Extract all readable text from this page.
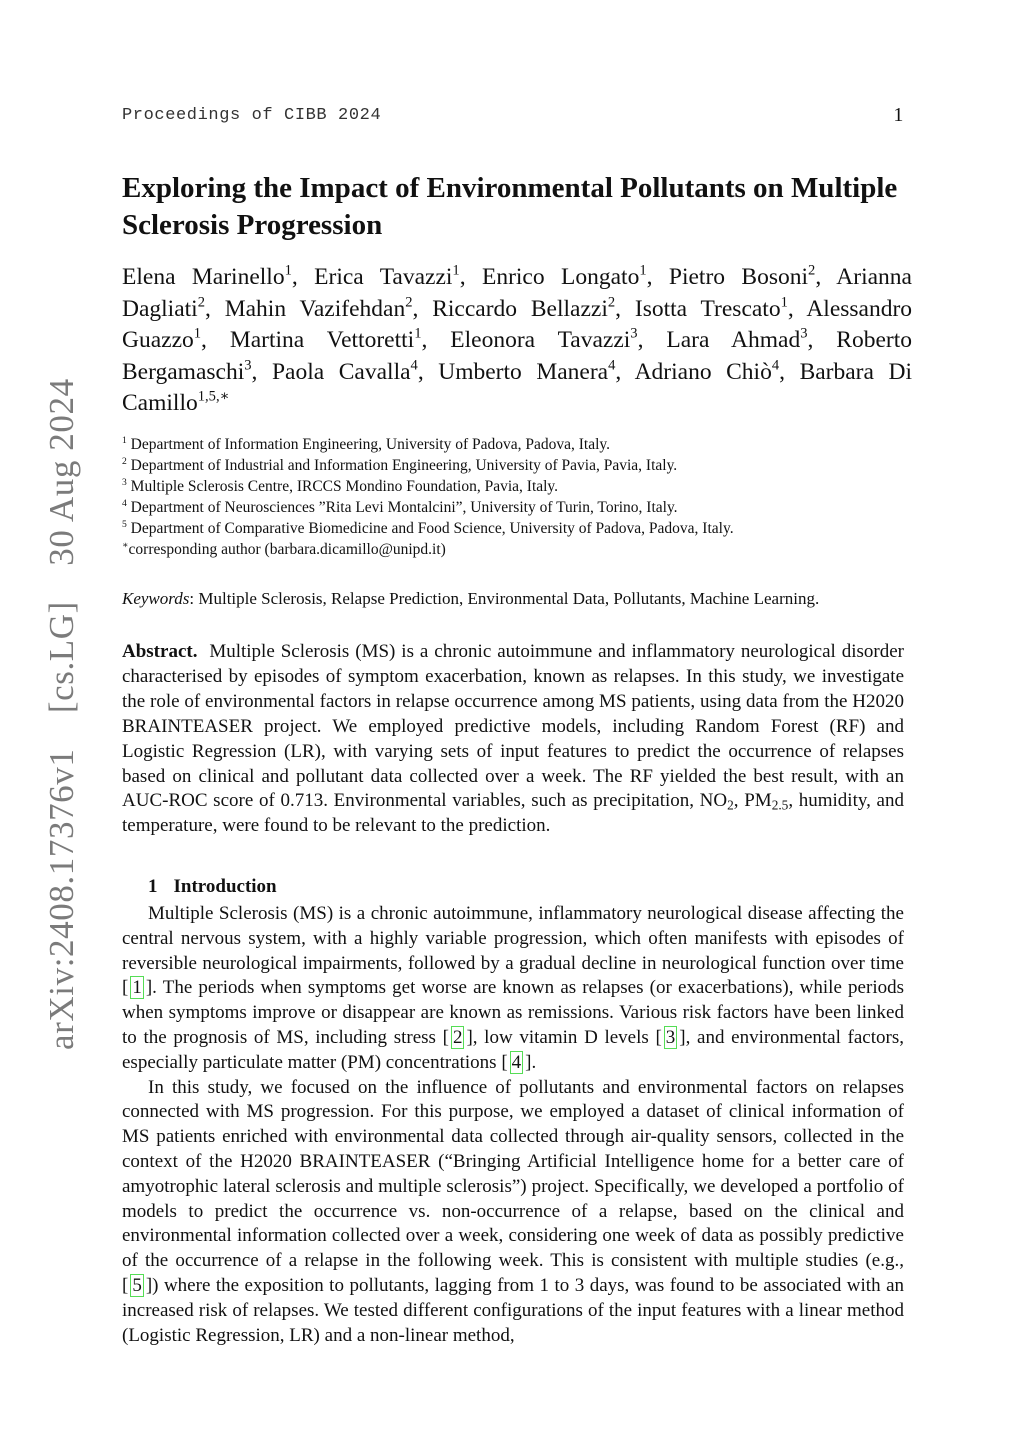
Proceedings of CIBB 2024	1
arXiv:2408.17376v1 [cs.LG] 30 Aug 2024
Exploring the Impact of Environmental Pollutants on Multiple Sclerosis Progression
Elena Marinello$^1$, Erica Tavazzi$^1$, Enrico Longato$^1$, Pietro Bosoni$^2$, Arianna Dagliati$^2$, Mahin Vazifehdan$^2$, Riccardo Bellazzi$^2$, Isotta Trescato$^1$, Alessandro Guazzo$^1$, Martina Vettoretti$^1$, Eleonora Tavazzi$^3$, Lara Ahmad$^3$, Roberto Bergamaschi$^3$, Paola Cavalla$^4$, Umberto Manera$^4$, Adriano Chiò$^4$, Barbara Di Camillo$^{1,5,∗}$
$^1$ Department of Information Engineering, University of Padova, Padova, Italy.
$^2$ Department of Industrial and Information Engineering, University of Pavia, Pavia, Italy.
$^3$ Multiple Sclerosis Centre, IRCCS Mondino Foundation, Pavia, Italy.
$^4$ Department of Neurosciences ”Rita Levi Montalcini”, University of Turin, Torino, Italy.
$^5$ Department of Comparative Biomedicine and Food Science, University of Padova, Padova, Italy.
∗corresponding author (barbara.dicamillo@unipd.it)
Keywords: Multiple Sclerosis, Relapse Prediction, Environmental Data, Pollutants, Machine Learning.
Abstract. Multiple Sclerosis (MS) is a chronic autoimmune and inflammatory neurological disorder characterised by episodes of symptom exacerbation, known as relapses. In this study, we investigate the role of environmental factors in relapse occurrence among MS patients, using data from the H2020 BRAINTEASER project. We employed predictive models, including Random Forest (RF) and Logistic Regression (LR), with varying sets of input features to predict the occurrence of relapses based on clinical and pollutant data collected over a week. The RF yielded the best result, with an AUC-ROC score of 0.713. Environmental variables, such as precipitation, $NO_2$, $PM_{2.5}$, humidity, and temperature, were found to be relevant to the prediction.
1 Introduction

Multiple Sclerosis (MS) is a chronic autoimmune, inflammatory neurological disease affecting the central nervous system, with a highly variable progression, which often manifests with episodes of reversible neurological impairments, followed by a gradual decline in neurological function over time [ 1 ]. The periods when symptoms get worse are known as relapses (or exacerbations), while periods when symptoms improve or disappear are known as remissions. Various risk factors have been linked to the prognosis of MS, including stress [ 2 ], low vitamin D levels [ 3 ], and environmental factors, especially particulate matter (PM) concentrations [ 4 ].

In this study, we focused on the influence of pollutants and environmental factors on relapses connected with MS progression. For this purpose, we employed a dataset of clinical information of MS patients enriched with environmental data collected through air-quality sensors, collected in the context of the H2020 BRAINTEASER (“Bringing Artificial Intelligence home for a better care of amyotrophic lateral sclerosis and multiple sclerosis”) project. Specifically, we developed a portfolio of models to predict the occurrence vs. non-occurrence of a relapse, based on the clinical and environmental information collected over a week, considering one week of data as possibly predictive of the occurrence of a relapse in the following week. This is consistent with multiple studies (e.g., [ 5 ]) where the exposition to pollutants, lagging from 1 to 3 days, was found to be associated with an increased risk of relapses. We tested different configurations of the input features with a linear method (Logistic Regression, LR) and a non-linear method,
